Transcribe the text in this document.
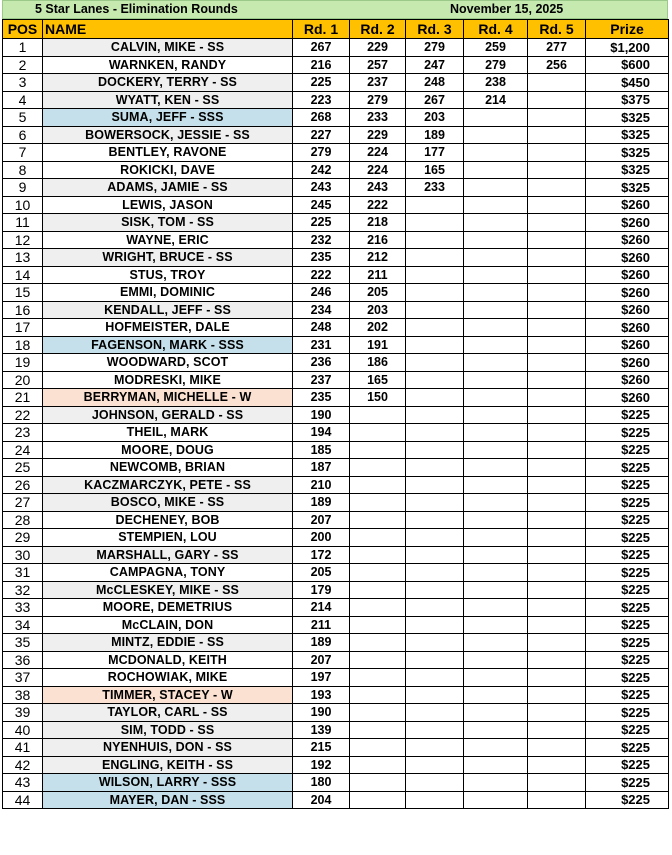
5 Star Lanes - Elimination Rounds	November 15, 2025
POS	NAME	Rd. 1	Rd. 2	Rd. 3	Rd. 4	Rd. 5	Prize
1	CALVIN, MIKE - SS	267	229	279	259	277	$1,200
2	WARNKEN, RANDY	216	257	247	279	256	$600
3	DOCKERY, TERRY - SS	225	237	248	238		$450
4	WYATT, KEN - SS	223	279	267	214		$375
5	SUMA, JEFF - SSS	268	233	203			$325
6	BOWERSOCK, JESSIE - SS	227	229	189			$325
7	BENTLEY, RAVONE	279	224	177			$325
8	ROKICKI, DAVE	242	224	165			$325
9	ADAMS, JAMIE - SS	243	243	233			$325
10	LEWIS, JASON	245	222				$260
11	SISK, TOM - SS	225	218				$260
12	WAYNE, ERIC	232	216				$260
13	WRIGHT, BRUCE - SS	235	212				$260
14	STUS, TROY	222	211				$260
15	EMMI, DOMINIC	246	205				$260
16	KENDALL, JEFF - SS	234	203				$260
17	HOFMEISTER, DALE	248	202				$260
18	FAGENSON, MARK - SSS	231	191				$260
19	WOODWARD, SCOT	236	186				$260
20	MODRESKI, MIKE	237	165				$260
21	BERRYMAN, MICHELLE - W	235	150				$260
22	JOHNSON, GERALD - SS	190					$225
23	THEIL, MARK	194					$225
24	MOORE, DOUG	185					$225
25	NEWCOMB, BRIAN	187					$225
26	KACZMARCZYK, PETE - SS	210					$225
27	BOSCO, MIKE - SS	189					$225
28	DECHENEY, BOB	207					$225
29	STEMPIEN, LOU	200					$225
30	MARSHALL, GARY - SS	172					$225
31	CAMPAGNA, TONY	205					$225
32	McCLESKEY, MIKE - SS	179					$225
33	MOORE, DEMETRIUS	214					$225
34	McCLAIN, DON	211					$225
35	MINTZ, EDDIE - SS	189					$225
36	MCDONALD, KEITH	207					$225
37	ROCHOWIAK, MIKE	197					$225
38	TIMMER, STACEY - W	193					$225
39	TAYLOR, CARL - SS	190					$225
40	SIM, TODD - SS	139					$225
41	NYENHUIS, DON - SS	215					$225
42	ENGLING, KEITH - SS	192					$225
43	WILSON, LARRY - SSS	180					$225
44	MAYER, DAN - SSS	204					$225
